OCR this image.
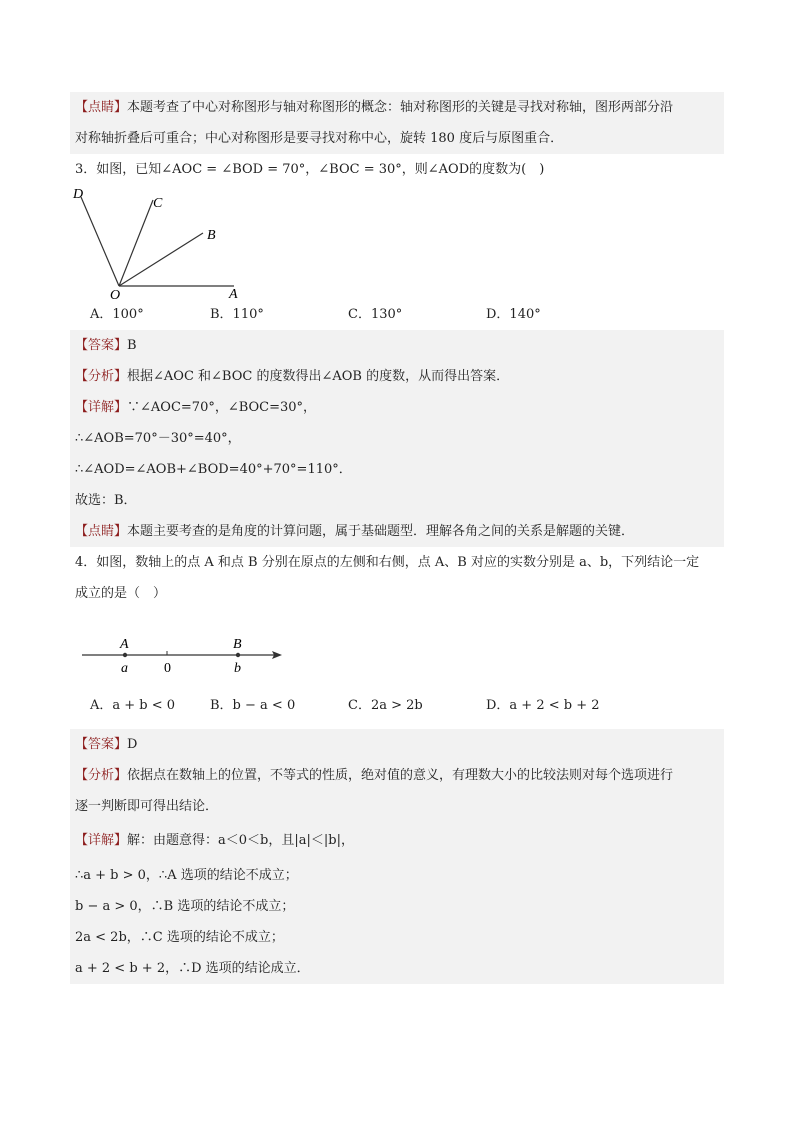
【点睛】本题考查了中心对称图形与轴对称图形的概念：轴对称图形的关键是寻找对称轴，图形两部分沿
对称轴折叠后可重合；中心对称图形是要寻找对称中心，旋转 180 度后与原图重合．
3．如图，已知∠AOC = ∠BOD = 70°，∠BOC = 30°，则∠AOD的度数为(　)
D
C
B
O	A
A．100°	B．110°	C．130°	D．140°
【答案】B
【分析】根据∠AOC 和∠BOC 的度数得出∠AOB 的度数，从而得出答案．
【详解】∵∠AOC=70°，∠BOC=30°，
∴∠AOB=70°－30°=40°，
∴∠AOD=∠AOB+∠BOD=40°+70°=110°．
故选：B．
【点睛】本题主要考查的是角度的计算问题，属于基础题型．理解各角之间的关系是解题的关键．
4．如图，数轴上的点 A 和点 B 分别在原点的左侧和右侧，点 A、B 对应的实数分别是 a、b，下列结论一定
成立的是（　）
A
a	0
B
b
A．a + b < 0	B．b − a < 0	C．2a > 2b	D．a + 2 < b + 2
【答案】D
【分析】依据点在数轴上的位置，不等式的性质，绝对值的意义，有理数大小的比较法则对每个选项进行
逐一判断即可得出结论．
【详解】解：由题意得：a＜0＜b，且|a|＜|b|，
∴a + b > 0，∴A 选项的结论不成立；
b − a > 0，∴B 选项的结论不成立；
2a < 2b，∴C 选项的结论不成立；
a + 2 < b + 2，∴D 选项的结论成立．
